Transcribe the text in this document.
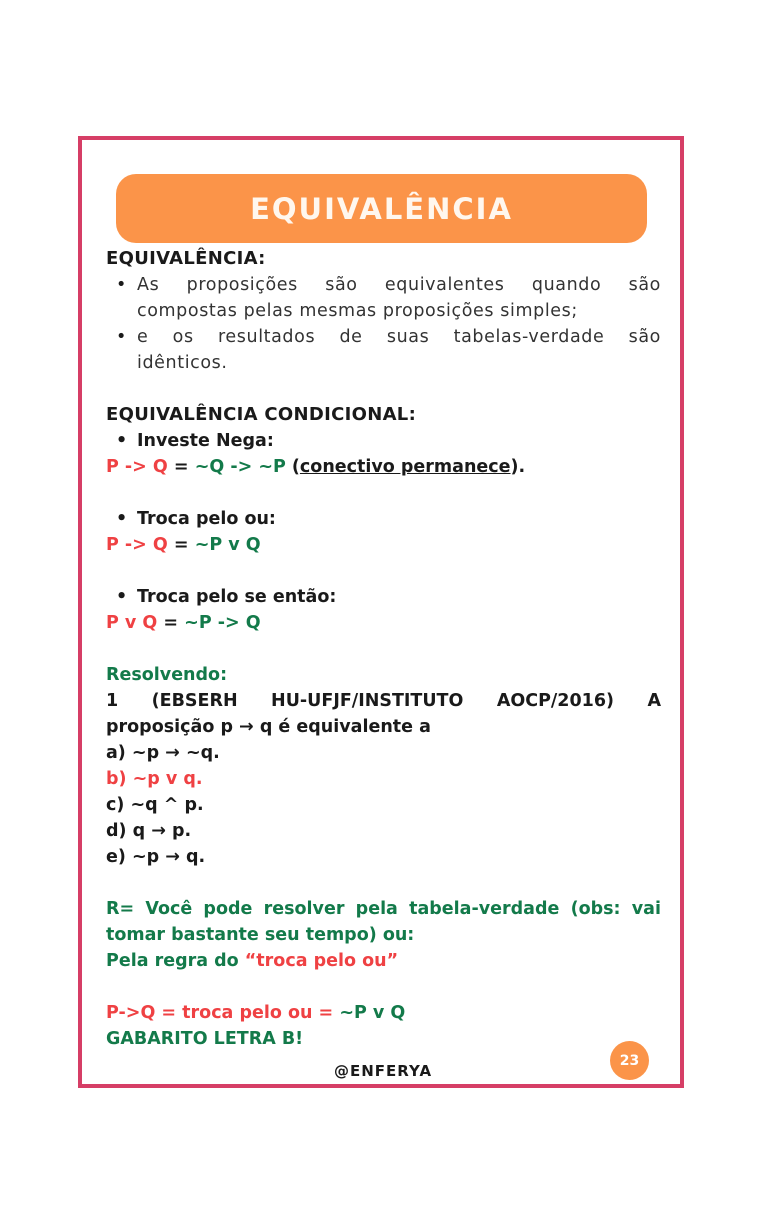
EQUIVALÊNCIA
EQUIVALÊNCIA:
• As proposições são equivalentes quando são
compostas pelas mesmas proposições simples;
• e os resultados de suas tabelas-verdade são
idênticos.
EQUIVALÊNCIA CONDICIONAL:
• Investe Nega:
P -> Q = ~Q -> ~P (conectivo permanece).
• Troca pelo ou:
P -> Q = ~P v Q
• Troca pelo se então:
P v Q = ~P -> Q
Resolvendo:
1 (EBSERH HU-UFJF/INSTITUTO AOCP/2016) A
proposição p → q é equivalente a
a) ~p → ~q.
b) ~p v q.
c) ~q ^ p.
d) q → p.
e) ~p → q.
R= Você pode resolver pela tabela-verdade (obs: vai
tomar bastante seu tempo) ou:
Pela regra do “troca pelo ou”
P->Q = troca pelo ou = ~P v Q
GABARITO LETRA B!
@ENFERYA
23
